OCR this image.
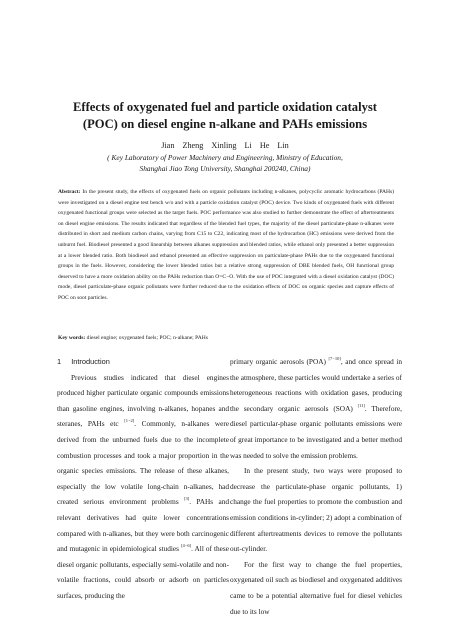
Effects of oxygenated fuel and particle oxidation catalyst
(POC) on diesel engine n-alkane and PAHs emissions
Jian Zheng Xinling Li He Lin
( Key Laboratory of Power Machinery and Engineering, Ministry of Education,
Shanghai Jiao Tong University, Shanghai 200240, China)
Abstract: In the present study, the effects of oxygenated fuels on organic pollutants including n-alkanes, polycyclic aromatic hydrocarbons (PAHs) were investigated on a diesel engine test bench w/o and with a particle oxidation catalyst (POC) device. Two kinds of oxygenated fuels with different oxygenated functional groups were selected as the target fuels. POC performance was also studied to further demonstrate the effect of aftertreatments on diesel engine emissions. The results indicated that regardless of the blended fuel types, the majority of the diesel particulate-phase n-alkanes were distributed in short and medium carbon chains, varying from C15 to C22, indicating most of the hydrocarbon (HC) emissions were derived from the unburnt fuel. Biodiesel presented a good linearship between alkanes suppression and blended ratios, while ethanol only presented a better suppression at a lower blended ratio. Both biodiesel and ethanol presented an effective suppression on particulate-phase PAHs due to the oxygenated functional groups in the fuels. However, considering the lower blended ratios but a relative strong suppression of DBE blended fuels, OH functional group deserved to have a more oxidation ability on the PAHs reduction than O=C−O. With the use of POC integrated with a diesel oxidation catalyst (DOC) mode, diesel particulate-phase organic pollutants were further reduced due to the oxidation effects of DOC on organic species and capture effects of POC on soot particles.
Key words: diesel engine; oxygenated fuels; POC; n-alkane; PAHs

1 Introduction

Previous studies indicated that diesel engines produced higher particulate organic compounds emissions than gasoline engines, involving n-alkanes, hopanes and steranes, PAHs etc [1−2]. Commonly, n-alkanes were derived from the unburned fuels due to the incomplete combustion processes and took a major proportion in the organic species emissions. The release of these alkanes, especially the low volatile long-chain n-alkanes, had created serious environment problems [3]. PAHs and relevant derivatives had quite lower concentrations compared with n-alkanes, but they were both carcinogenic and mutagenic in epidemiological studies [4−6]. All of these diesel organic pollutants, especially semi-volatile and non-volatile fractions, could absorb or adsorb on particles surfaces, producing the

primary organic aerosols (POA) [7−10], and once spread in the atmosphere, these particles would undertake a series of heterogeneous reactions with oxidation gases, producing the secondary organic aerosols (SOA) [11]. Therefore, diesel particular-phase organic pollutants emissions were of great importance to be investigated and a better method was needed to solve the emission problems.

In the present study, two ways were proposed to decrease the particulate-phase organic pollutants, 1) change the fuel properties to promote the combustion and emission conditions in-cylinder; 2) adopt a combination of different aftertreatments devices to remove the pollutants out-cylinder.

For the first way to change the fuel properties, oxygenated oil such as biodiesel and oxygenated additives came to be a potential alternative fuel for diesel vehicles due to its low
